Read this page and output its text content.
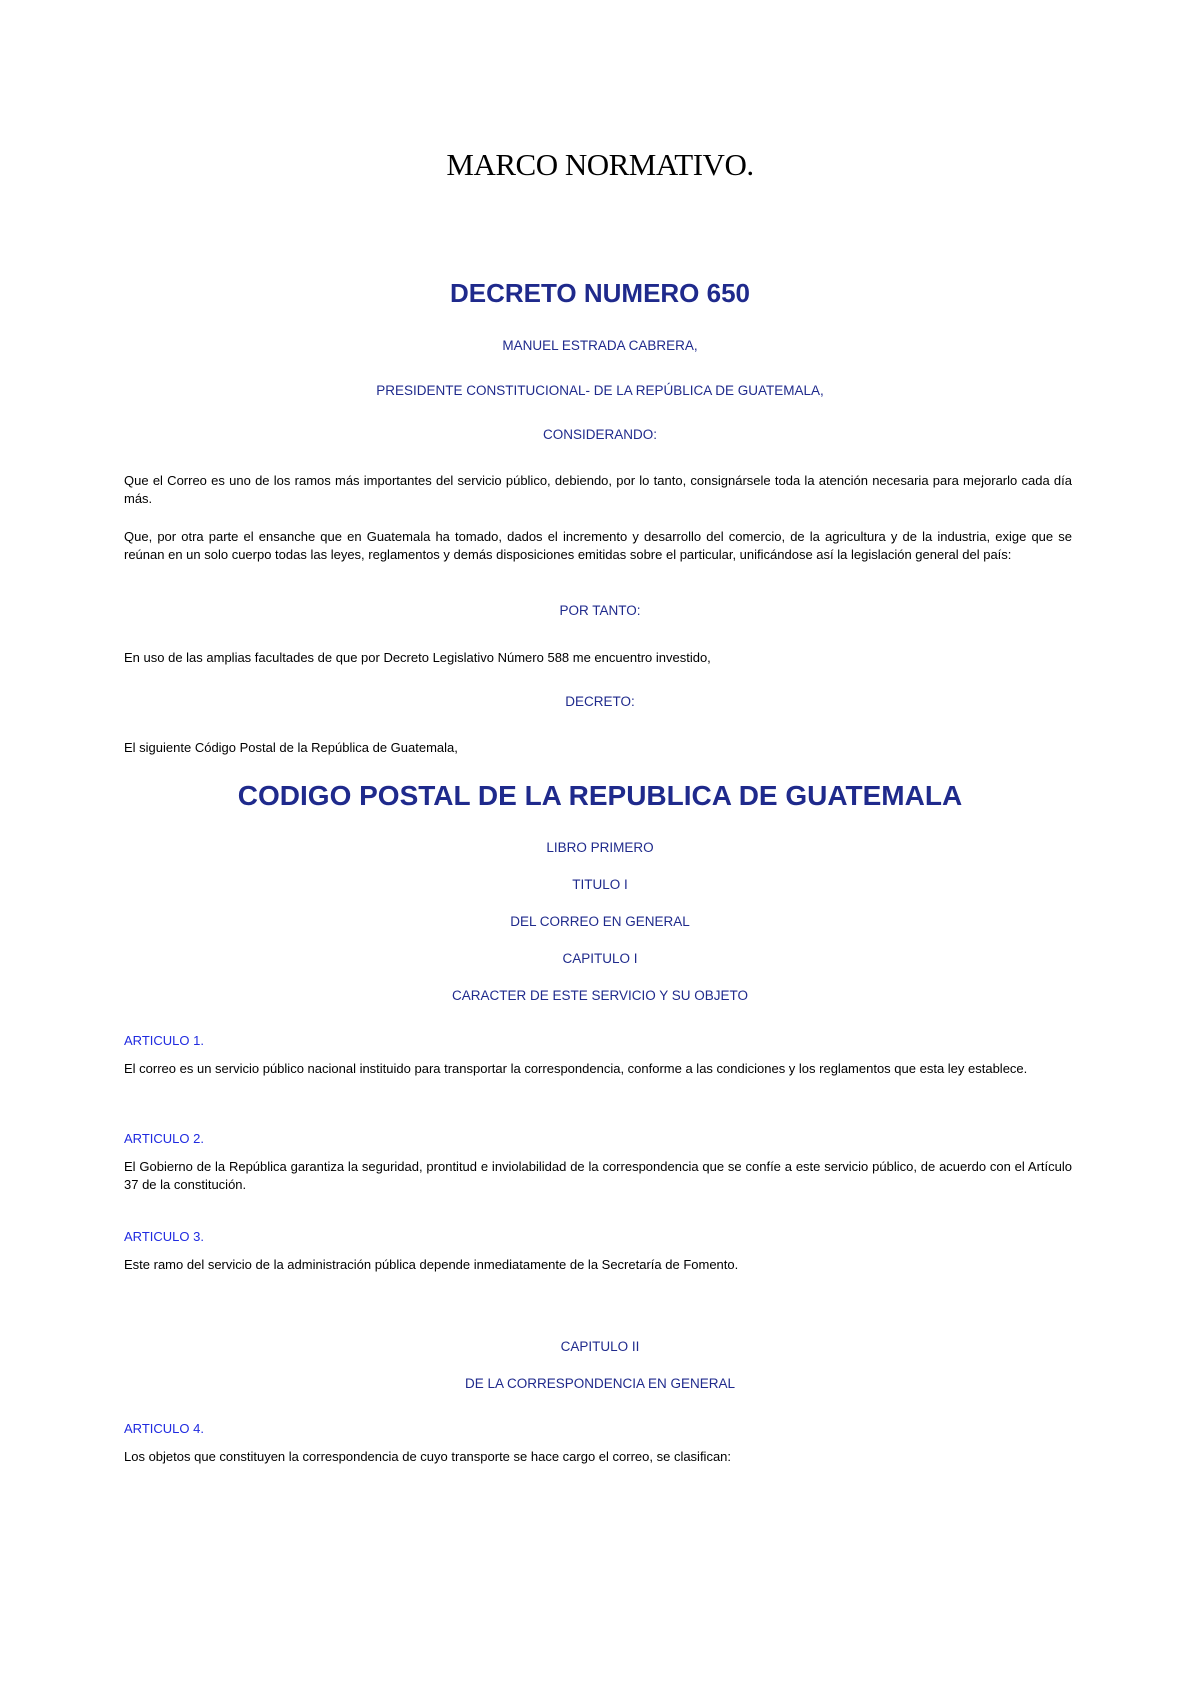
MARCO NORMATIVO.
DECRETO NUMERO 650
MANUEL ESTRADA CABRERA,
PRESIDENTE CONSTITUCIONAL- DE LA REPÚBLICA DE GUATEMALA,
CONSIDERANDO:

Que el Correo es uno de los ramos más importantes del servicio público, debiendo, por lo tanto, consignársele toda la atención necesaria para mejorarlo cada día más.

Que, por otra parte el ensanche que en Guatemala ha tomado, dados el incremento y desarrollo del comercio, de la agricultura y de la industria, exige que se reúnan en un solo cuerpo todas las leyes, reglamentos y demás disposiciones emitidas sobre el particular, unificándose así la legislación general del país:

POR TANTO:

En uso de las amplias facultades de que por Decreto Legislativo Número 588 me encuentro investido,

DECRETO:

El siguiente Código Postal de la República de Guatemala,

CODIGO POSTAL DE LA REPUBLICA DE GUATEMALA
LIBRO PRIMERO
TITULO I
DEL CORREO EN GENERAL
CAPITULO I
CARACTER DE ESTE SERVICIO Y SU OBJETO
ARTICULO 1.

El correo es un servicio público nacional instituido para transportar la correspondencia, conforme a las condiciones y los reglamentos que esta ley establece.

ARTICULO 2.

El Gobierno de la República garantiza la seguridad, prontitud e inviolabilidad de la correspondencia que se confíe a este servicio público, de acuerdo con el Artículo 37 de la constitución.

ARTICULO 3.

Este ramo del servicio de la administración pública depende inmediatamente de la Secretaría de Fomento.

CAPITULO II
DE LA CORRESPONDENCIA EN GENERAL
ARTICULO 4.

Los objetos que constituyen la correspondencia de cuyo transporte se hace cargo el correo, se clasifican:
